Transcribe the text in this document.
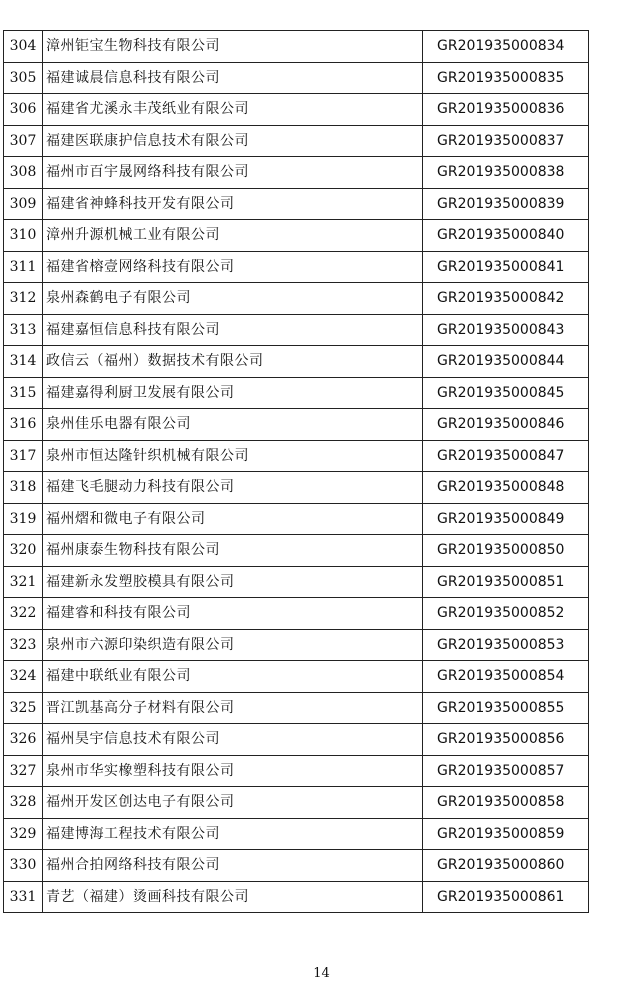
304	漳州钜宝生物科技有限公司	GR201935000834
305	福建诚晨信息科技有限公司	GR201935000835
306	福建省尤溪永丰茂纸业有限公司	GR201935000836
307	福建医联康护信息技术有限公司	GR201935000837
308	福州市百宇晟网络科技有限公司	GR201935000838
309	福建省神蜂科技开发有限公司	GR201935000839
310	漳州升源机械工业有限公司	GR201935000840
311	福建省榕壹网络科技有限公司	GR201935000841
312	泉州森鹤电子有限公司	GR201935000842
313	福建嘉恒信息科技有限公司	GR201935000843
314	政信云（福州）数据技术有限公司	GR201935000844
315	福建嘉得利厨卫发展有限公司	GR201935000845
316	泉州佳乐电器有限公司	GR201935000846
317	泉州市恒达隆针织机械有限公司	GR201935000847
318	福建飞毛腿动力科技有限公司	GR201935000848
319	福州熠和微电子有限公司	GR201935000849
320	福州康泰生物科技有限公司	GR201935000850
321	福建新永发塑胶模具有限公司	GR201935000851
322	福建睿和科技有限公司	GR201935000852
323	泉州市六源印染织造有限公司	GR201935000853
324	福建中联纸业有限公司	GR201935000854
325	晋江凯基高分子材料有限公司	GR201935000855
326	福州昊宇信息技术有限公司	GR201935000856
327	泉州市华实橡塑科技有限公司	GR201935000857
328	福州开发区创达电子有限公司	GR201935000858
329	福建博海工程技术有限公司	GR201935000859
330	福州合拍网络科技有限公司	GR201935000860
331	青艺（福建）烫画科技有限公司	GR201935000861
14
